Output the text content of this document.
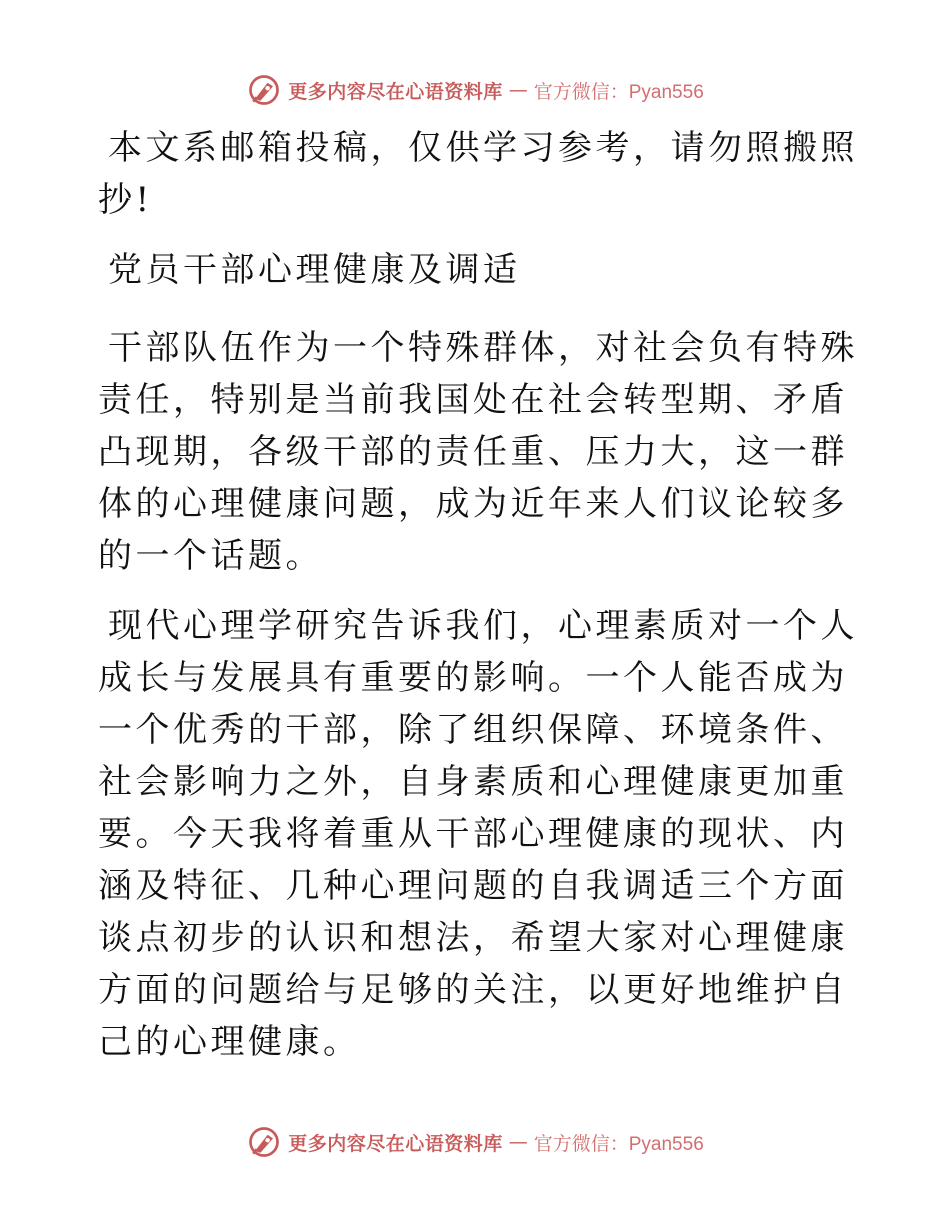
更多内容尽在心语资料库 — 官方微信：Pyan556

本文系邮箱投稿，仅供学习参考，请勿照搬照抄!

党员干部心理健康及调适

干部队伍作为一个特殊群体，对社会负有特殊责任，特别是当前我国处在社会转型期、矛盾凸现期，各级干部的责任重、压力大，这一群体的心理健康问题，成为近年来人们议论较多的一个话题。

现代心理学研究告诉我们，心理素质对一个人成长与发展具有重要的影响。一个人能否成为一个优秀的干部，除了组织保障、环境条件、社会影响力之外，自身素质和心理健康更加重要。今天我将着重从干部心理健康的现状、内涵及特征、几种心理问题的自我调适三个方面谈点初步的认识和想法，希望大家对心理健康方面的问题给与足够的关注，以更好地维护自己的心理健康。

更多内容尽在心语资料库 — 官方微信：Pyan556
